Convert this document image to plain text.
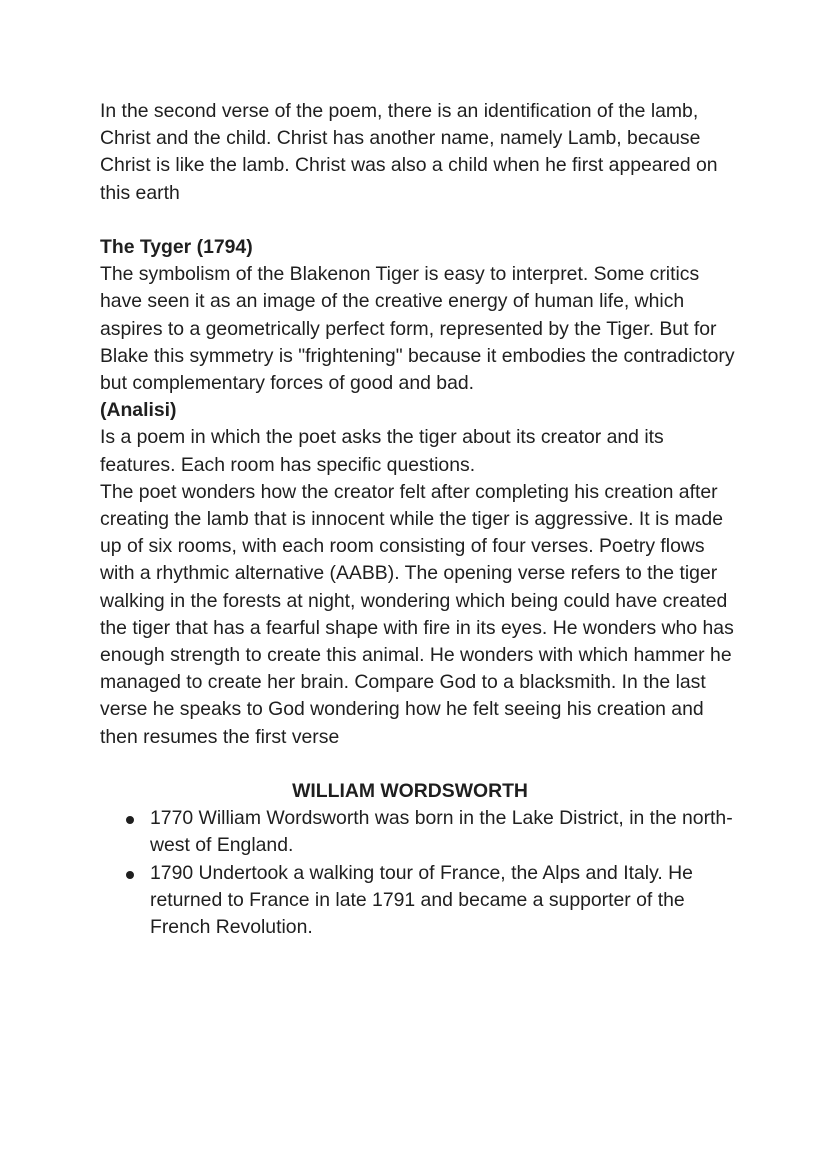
In the second verse of the poem, there is an identification of the lamb, Christ and the child. Christ has another name, namely Lamb, because Christ is like the lamb. Christ was also a child when he first appeared on this earth

The Tyger (1794)

The symbolism of the Blakenon Tiger is easy to interpret. Some critics have seen it as an image of the creative energy of human life, which aspires to a geometrically perfect form, represented by the Tiger. But for Blake this symmetry is "frightening" because it embodies the contradictory but complementary forces of good and bad.

(Analisi)

Is a poem in which the poet asks the tiger about its creator and its features. Each room has specific questions.

The poet wonders how the creator felt after completing his creation after creating the lamb that is innocent while the tiger is aggressive. It is made up of six rooms, with each room consisting of four verses. Poetry flows with a rhythmic alternative (AABB). The opening verse refers to the tiger walking in the forests at night, wondering which being could have created the tiger that has a fearful shape with fire in its eyes. He wonders who has enough strength to create this animal. He wonders with which hammer he managed to create her brain. Compare God to a blacksmith. In the last verse he speaks to God wondering how he felt seeing his creation and then resumes the first verse

WILLIAM WORDSWORTH

1770 William Wordsworth was born in the Lake District, in the north-west of England.
1790 Undertook a walking tour of France, the Alps and Italy. He returned to France in late 1791 and became a supporter of the French Revolution.
